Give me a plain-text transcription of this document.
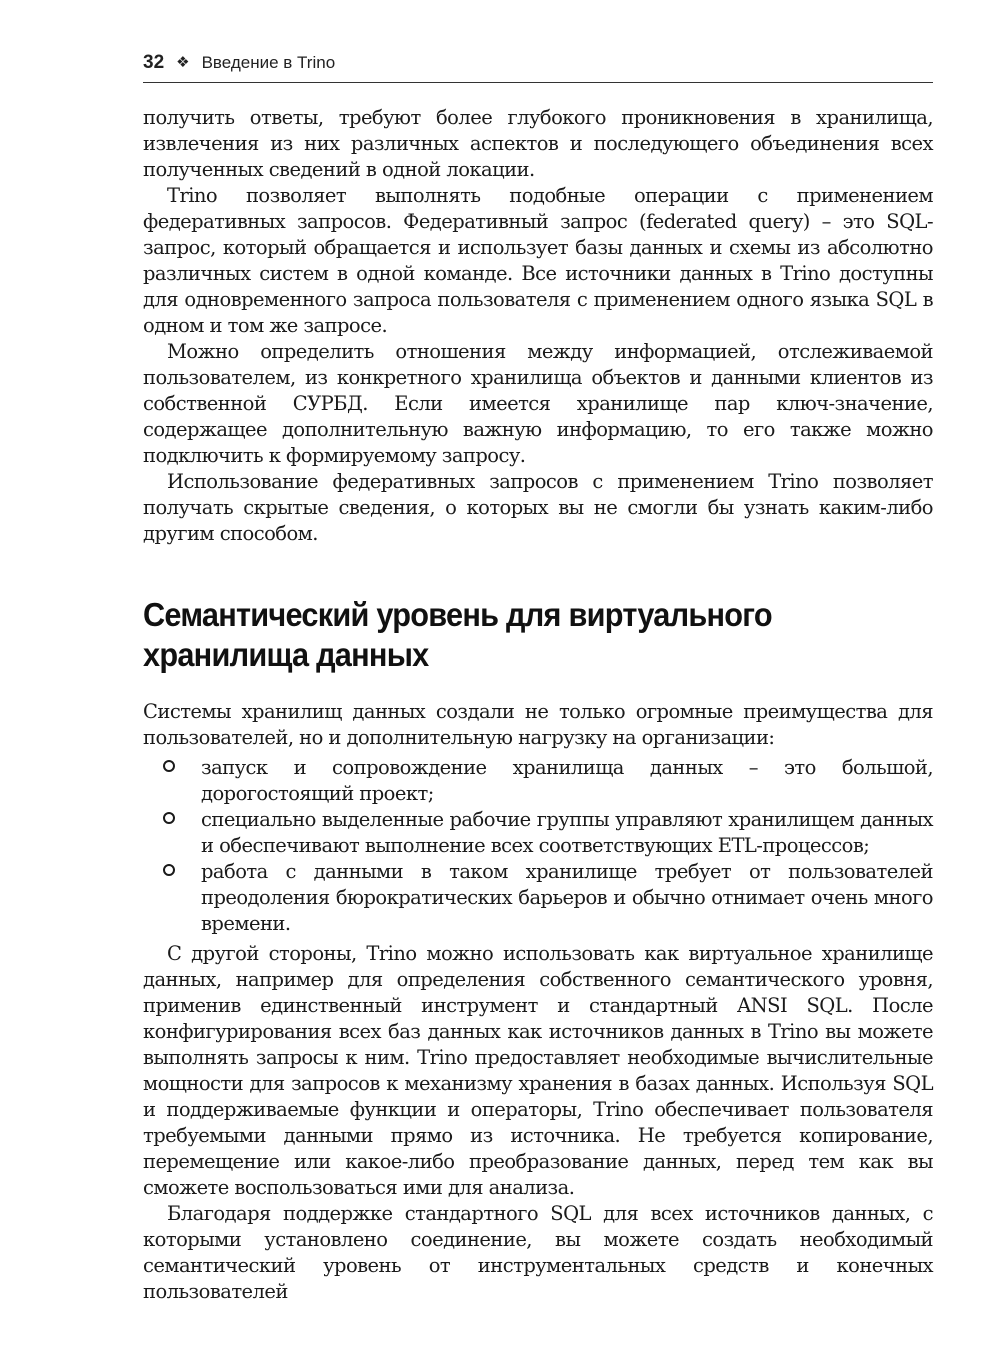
32 ❖ Введение в Trino

получить ответы, требуют более глубокого проникновения в хранилища, извлечения из них различных аспектов и последующего объединения всех полученных сведений в одной локации.

Trino позволяет выполнять подобные операции с применением федеративных запросов. Федеративный запрос (federated query) – это SQL-запрос, который обращается и использует базы данных и схемы из абсолютно различных систем в одной команде. Все источники данных в Trino доступны для одновременного запроса пользователя с применением одного языка SQL в одном и том же запросе.

Можно определить отношения между информацией, отслеживаемой пользователем, из конкретного хранилища объектов и данными клиентов из собственной СУРБД. Если имеется хранилище пар ключ-значение, содержащее дополнительную важную информацию, то его также можно подключить к формируемому запросу.

Использование федеративных запросов с применением Trino позволяет получать скрытые сведения, о которых вы не смогли бы узнать каким-либо другим способом.

Семантический уровень для виртуального
хранилища данных

Системы хранилищ данных создали не только огромные преимущества для пользователей, но и дополнительную нагрузку на организации:

запуск и сопровождение хранилища данных – это большой, дорогостоящий проект;
специально выделенные рабочие группы управляют хранилищем данных и обеспечивают выполнение всех соответствующих ETL-процессов;
работа с данными в таком хранилище требует от пользователей преодоления бюрократических барьеров и обычно отнимает очень много времени.

С другой стороны, Trino можно использовать как виртуальное хранилище данных, например для определения собственного семантического уровня, применив единственный инструмент и стандартный ANSI SQL. После конфигурирования всех баз данных как источников данных в Trino вы можете выполнять запросы к ним. Trino предоставляет необходимые вычислительные мощности для запросов к механизму хранения в базах данных. Используя SQL и поддерживаемые функции и операторы, Trino обеспечивает пользователя требуемыми данными прямо из источника. Не требуется копирование, перемещение или какое-либо преобразование данных, перед тем как вы сможете воспользоваться ими для анализа.

Благодаря поддержке стандартного SQL для всех источников данных, с которыми установлено соединение, вы можете создать необходимый семантический уровень от инструментальных средств и конечных пользователей
